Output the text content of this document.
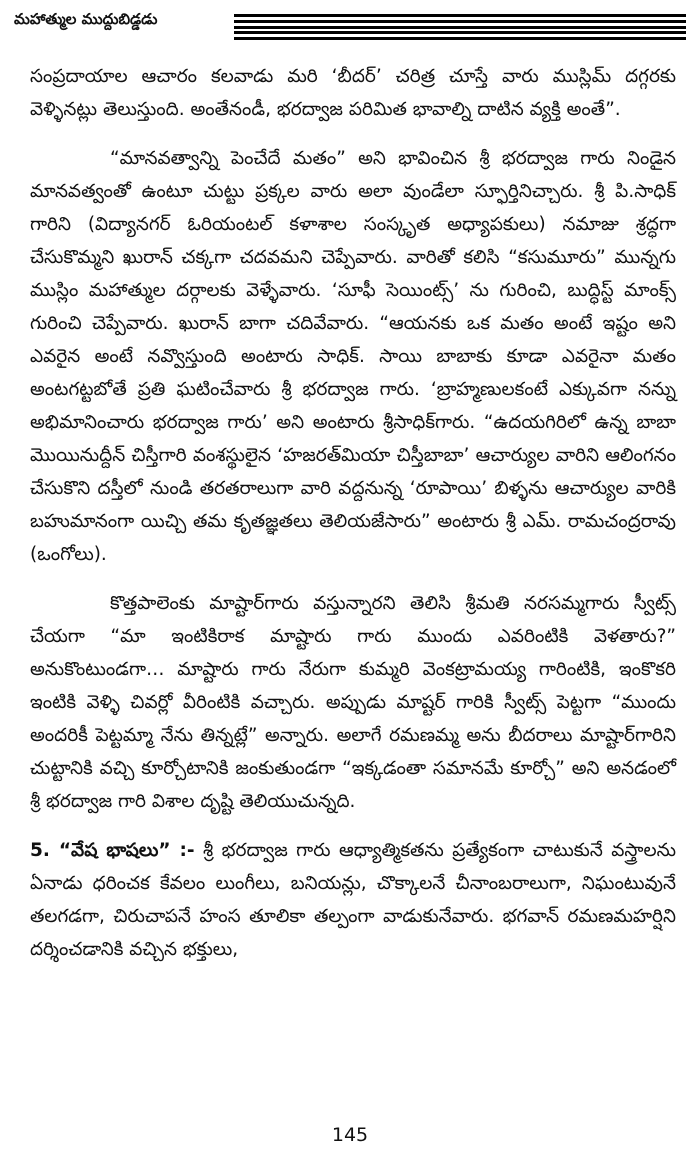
మహాత్ముల ముద్దుబిడ్డడు

సంప్రదాయాల ఆచారం కలవాడు మరి ‘బీదర్’ చరిత్ర చూస్తే వారు ముస్లిమ్ దగ్గరకు వెళ్ళినట్లు తెలుస్తుంది. అంతేనండీ, భరద్వాజ పరిమిత భావాల్ని దాటిన వ్యక్తి అంతే”.

“మానవత్వాన్ని పెంచేదే మతం” అని భావించిన శ్రీ భరద్వాజ గారు నిండైన మానవత్వంతో ఉంటూ చుట్టు ప్రక్కల వారు అలా వుండేలా స్ఫూర్తినిచ్చారు. శ్రీ పి.సాధిక్ గారిని (విద్యానగర్ ఓరియంటల్ కళాశాల సంస్కృత అధ్యాపకులు) నమాజు శ్రద్ధగా చేసుకొమ్మని ఖురాన్ చక్కగా చదవమని చెప్పేవారు. వారితో కలిసి “కసుమూరు” మున్నగు ముస్లిం మహాత్ముల దర్గాలకు వెళ్ళేవారు. ‘సూఫీ సెయింట్స్’ ను గురించి, బుద్ధిస్ట్ మాంక్స్ గురించి చెప్పేవారు. ఖురాన్ బాగా చదివేవారు. “ఆయనకు ఒక మతం అంటే ఇష్టం అని ఎవరైన అంటే నవ్వొస్తుంది అంటారు సాధిక్. సాయి బాబాకు కూడా ఎవరైనా మతం అంటగట్టబోతే ప్రతి ఘటించేవారు శ్రీ భరద్వాజ గారు. ‘బ్రాహ్మణులకంటే ఎక్కువగా నన్ను అభిమానించారు భరద్వాజ గారు’ అని అంటారు శ్రీసాధిక్‌గారు. “ఉదయగిరిలో ఉన్న బాబా మొయినుద్దీన్ చిస్తీగారి వంశస్థులైన ‘హజరత్‌మియా చిస్తీబాబా’ ఆచార్యుల వారిని ఆలింగనం చేసుకొని దస్తీలో నుండి తరతరాలుగా వారి వద్దనున్న ‘రూపాయి’ బిళ్ళను ఆచార్యుల వారికి బహుమానంగా యిచ్చి తమ కృతజ్ఞతలు తెలియజేసారు” అంటారు శ్రీ ఎమ్. రామచంద్రరావు (ఒంగోలు).

కొత్తపాలెంకు మాష్టార్‌గారు వస్తున్నారని తెలిసి శ్రీమతి నరసమ్మగారు స్వీట్స్ చేయగా “మా ఇంటికిరాక మాష్టారు గారు ముందు ఎవరింటికి వెళతారు?” అనుకొంటుండగా… మాష్టారు గారు నేరుగా కుమ్మరి వెంకట్రామయ్య గారింటికి, ఇంకొకరి ఇంటికి వెళ్ళి చివర్లో వీరింటికి వచ్చారు. అప్పుడు మాష్టర్ గారికి స్వీట్స్ పెట్టగా “ముందు అందరికీ పెట్టమ్మా నేను తిన్నట్లే” అన్నారు. అలాగే రమణమ్మ అను బీదరాలు మాష్టార్‌గారిని చుట్టానికి వచ్చి కూర్చోటానికి జంకుతుండగా “ఇక్కడంతా సమానమే కూర్చో” అని అనడంలో శ్రీ భరద్వాజ గారి విశాల దృష్టి తెలియుచున్నది.

5. “వేష భాషలు” :- శ్రీ భరద్వాజ గారు ఆధ్యాత్మికతను ప్రత్యేకంగా చాటుకునే వస్త్రాలను ఏనాడు ధరించక కేవలం లుంగీలు, బనియన్లు, చొక్కాలనే చీనాంబరాలుగా, నిఘంటువునే తలగడగా, చిరుచాపనే హంస తూలికా తల్పంగా వాడుకునేవారు. భగవాన్ రమణమహర్షిని దర్శించడానికి వచ్చిన భక్తులు,

145
